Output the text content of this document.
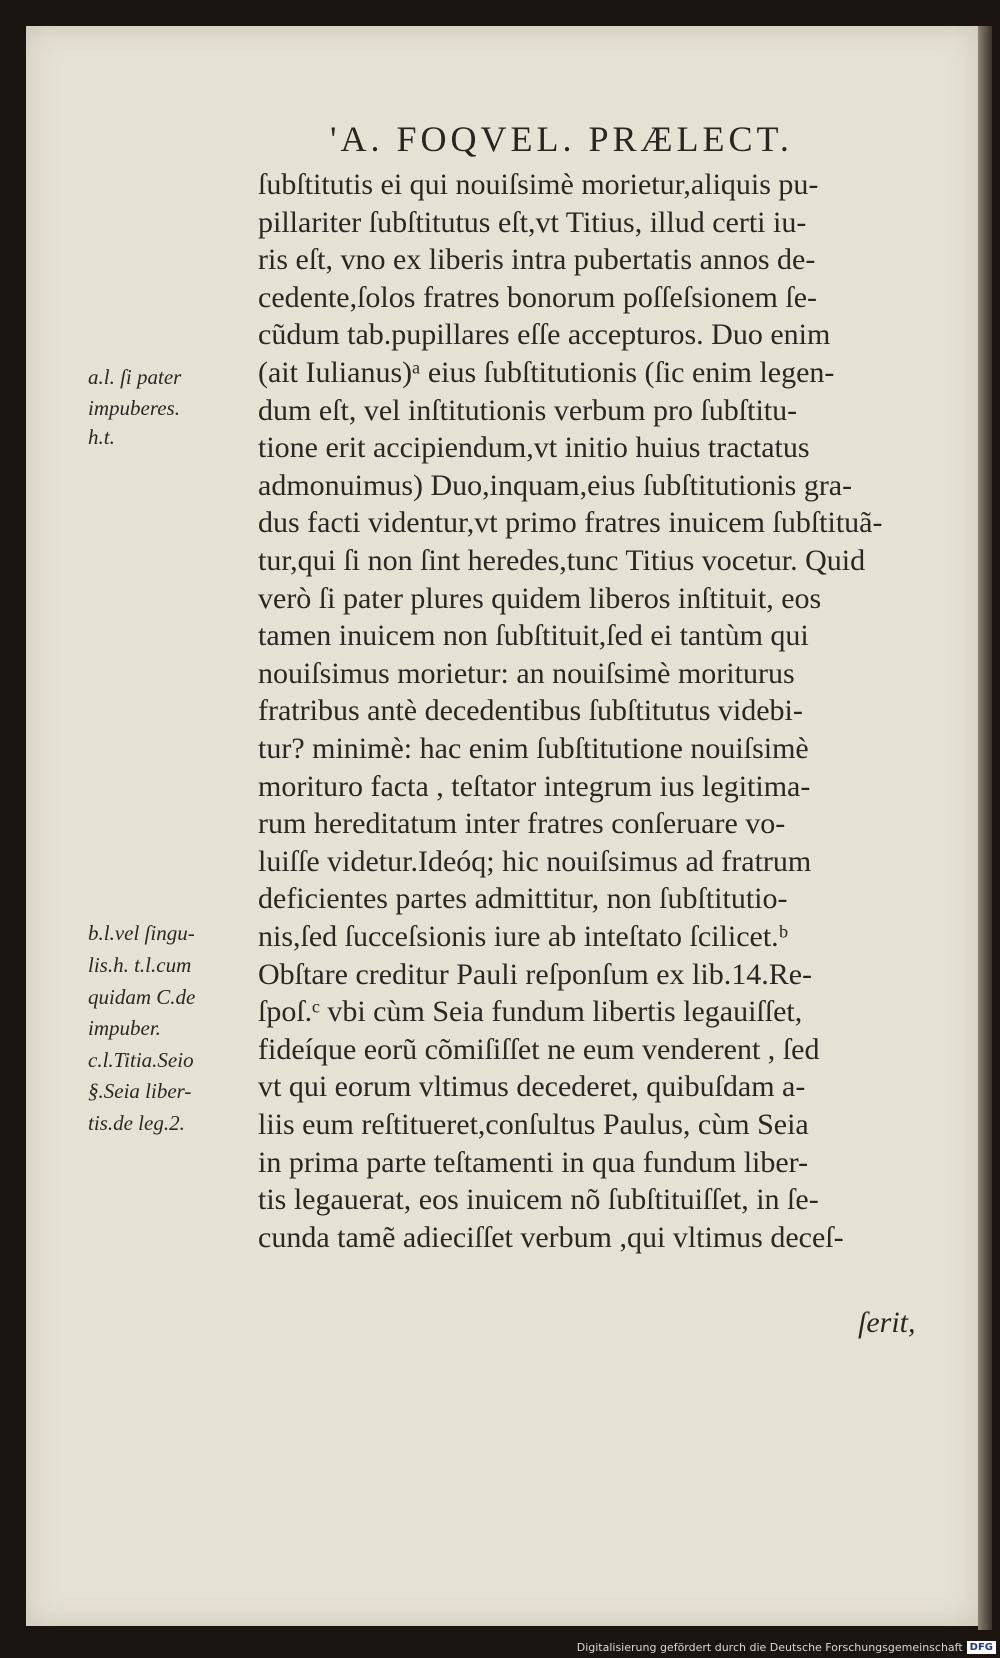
'A. FOQVEL. PRÆLECT.
ſubſtitutis ei qui nouiſsimè morietur,aliquis pu-
pillariter ſubſtitutus eſt,vt Titius, illud certi iu-
ris eſt, vno ex liberis intra pubertatis annos de-
cedente,ſolos fratres bonorum poſſeſsionem ſe-
cũdum tab.pupillares eſſe accepturos. Duo enim
(ait Iulianus)ᵃ eius ſubſtitutionis (ſic enim legen-
dum eſt, vel inſtitutionis verbum pro ſubſtitu-
tione erit accipiendum,vt initio huius tractatus
admonuimus) Duo,inquam,eius ſubſtitutionis gra-
dus facti videntur,vt primo fratres inuicem ſubſtituã-
tur,qui ſi non ſint heredes,tunc Titius vocetur. Quid
verò ſi pater plures quidem liberos inſtituit, eos
tamen inuicem non ſubſtituit,ſed ei tantùm qui
nouiſsimus morietur: an nouiſsimè moriturus
fratribus antè decedentibus ſubſtitutus videbi-
tur? minimè: hac enim ſubſtitutione nouiſsimè
morituro facta , teſtator integrum ius legitima-
rum hereditatum inter fratres conſeruare vo-
luiſſe videtur.Ideóq; hic nouiſsimus ad fratrum
deficientes partes admittitur, non ſubſtitutio-
nis,ſed ſucceſsionis iure ab inteſtato ſcilicet.ᵇ
Obſtare creditur Pauli reſponſum ex lib.14.Re-
ſpoſ.ᶜ vbi cùm Seia fundum libertis legauiſſet,
fideíque eorũ cõmiſiſſet ne eum venderent , ſed
vt qui eorum vltimus decederet, quibuſdam a-
liis eum reſtitueret,conſultus Paulus, cùm Seia
in prima parte teſtamenti in qua fundum liber-
tis legauerat, eos inuicem nõ ſubſtituiſſet, in ſe-
cunda tamẽ adieciſſet verbum ,qui vltimus deceſ-
ſerit,
a.l. ſi pater
impuberes.
h.t.
b.l.vel ſingu-
lis.h. t.l.cum
quidam C.de
impuber.
c.l.Titia.Seio
§.Seia liber-
tis.de leg.2.
Digitalisierung gefördert durch die Deutsche Forschungsgemeinschaft DFG
